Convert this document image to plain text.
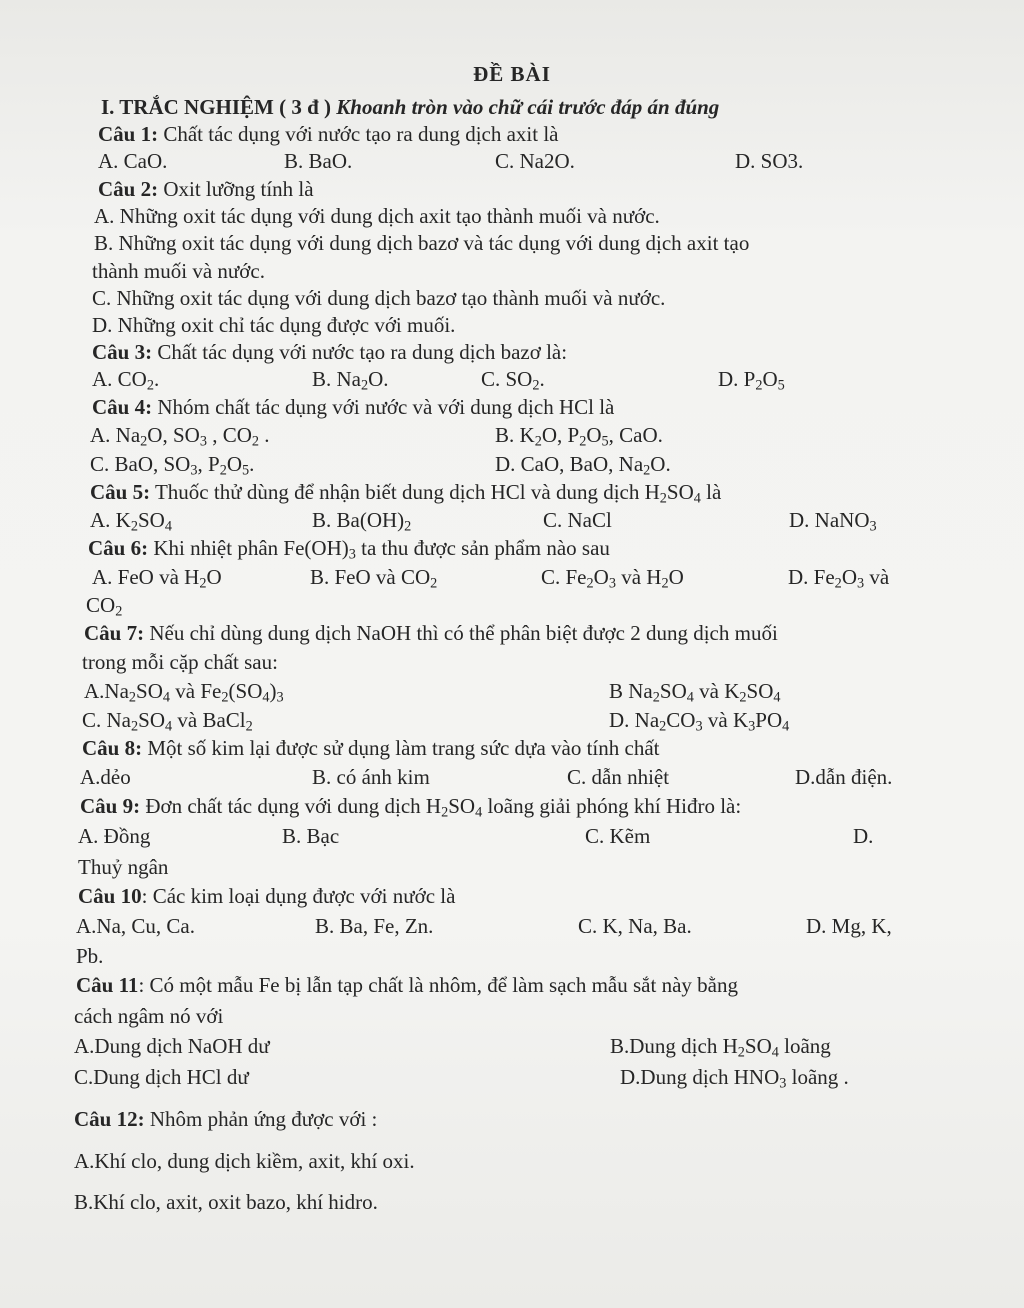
ĐỀ BÀI
I. TRẮC NGHIỆM ( 3 đ ) Khoanh tròn vào chữ cái trước đáp án đúng
Câu 1: Chất tác dụng với nước tạo ra dung dịch axit là
A. CaO.	B. BaO.	C. Na2O.	D. SO3.
Câu 2: Oxit lưỡng tính là
A. Những oxit tác dụng với dung dịch axit tạo thành muối và nước.
B. Những oxit tác dụng với dung dịch bazơ và tác dụng với dung dịch axit tạo
thành muối và nước.
C. Những oxit tác dụng với dung dịch bazơ tạo thành muối và nước.
D. Những oxit chỉ tác dụng được với muối.
Câu 3: Chất tác dụng với nước tạo ra dung dịch bazơ là:
A. $CO_2$.	B. $Na_2O$.	C. $SO_2$.	D. $P_2O_5$
Câu 4: Nhóm chất tác dụng với nước và với dung dịch HCl là
A. $Na_2O$, $SO_3$ , $CO_2$ .	B. $K_2O$, $P_2O_5$, CaO.
C. BaO, $SO_3$, $P_2O_5$.	D. CaO, BaO, $Na_2O$.
Câu 5: Thuốc thử dùng để nhận biết dung dịch HCl và dung dịch $H_2SO_4$ là
A. $K_2SO_4$	B. $Ba(OH)_2$	C. NaCl	D. NaNO$_3$
Câu 6: Khi nhiệt phân $Fe(OH)_3$ ta thu được sản phẩm nào sau
A. FeO và $H_2O$	B. FeO và $CO_2$	C. $Fe_2O_3$ và $H_2O$	D. $Fe_2O_3$ và
$CO_2$
Câu 7: Nếu chỉ dùng dung dịch NaOH thì có thể phân biệt được 2 dung dịch muối
trong mỗi cặp chất sau:
$A.Na_2SO_4$ và $Fe_2(SO_4)_3$	B $Na_2SO_4$ và $K_2SO_4$
C. $Na_2SO_4$ và BaCl$_2$	D. $Na_2CO_3$ và $K_3PO_4$
Câu 8: Một số kim lại được sử dụng làm trang sức dựa vào tính chất
A.dẻo	B. có ánh kim	C. dẫn nhiệt	D.dẫn điện.
Câu 9: Đơn chất tác dụng với dung dịch $H_2SO_4$ loãng giải phóng khí Hiđro là:
A. Đồng	B. Bạc	C. Kẽm	D.
Thuỷ ngân
Câu 10: Các kim loại dụng được với nước là
A.Na, Cu, Ca.	B. Ba, Fe, Zn.	C. K, Na, Ba.	D. Mg, K,
Pb.
Câu 11: Có một mẫu Fe bị lẫn tạp chất là nhôm, để làm sạch mẫu sắt này bằng
cách ngâm nó với
A.Dung dịch NaOH dư	B.Dung dịch $H_2SO_4$ loãng
C.Dung dịch HCl dư	D.Dung dịch $HNO_3$ loãng .
Câu 12: Nhôm phản ứng được với :
A.Khí clo, dung dịch kiềm, axit, khí oxi.
B.Khí clo, axit, oxit bazo, khí hidro.
